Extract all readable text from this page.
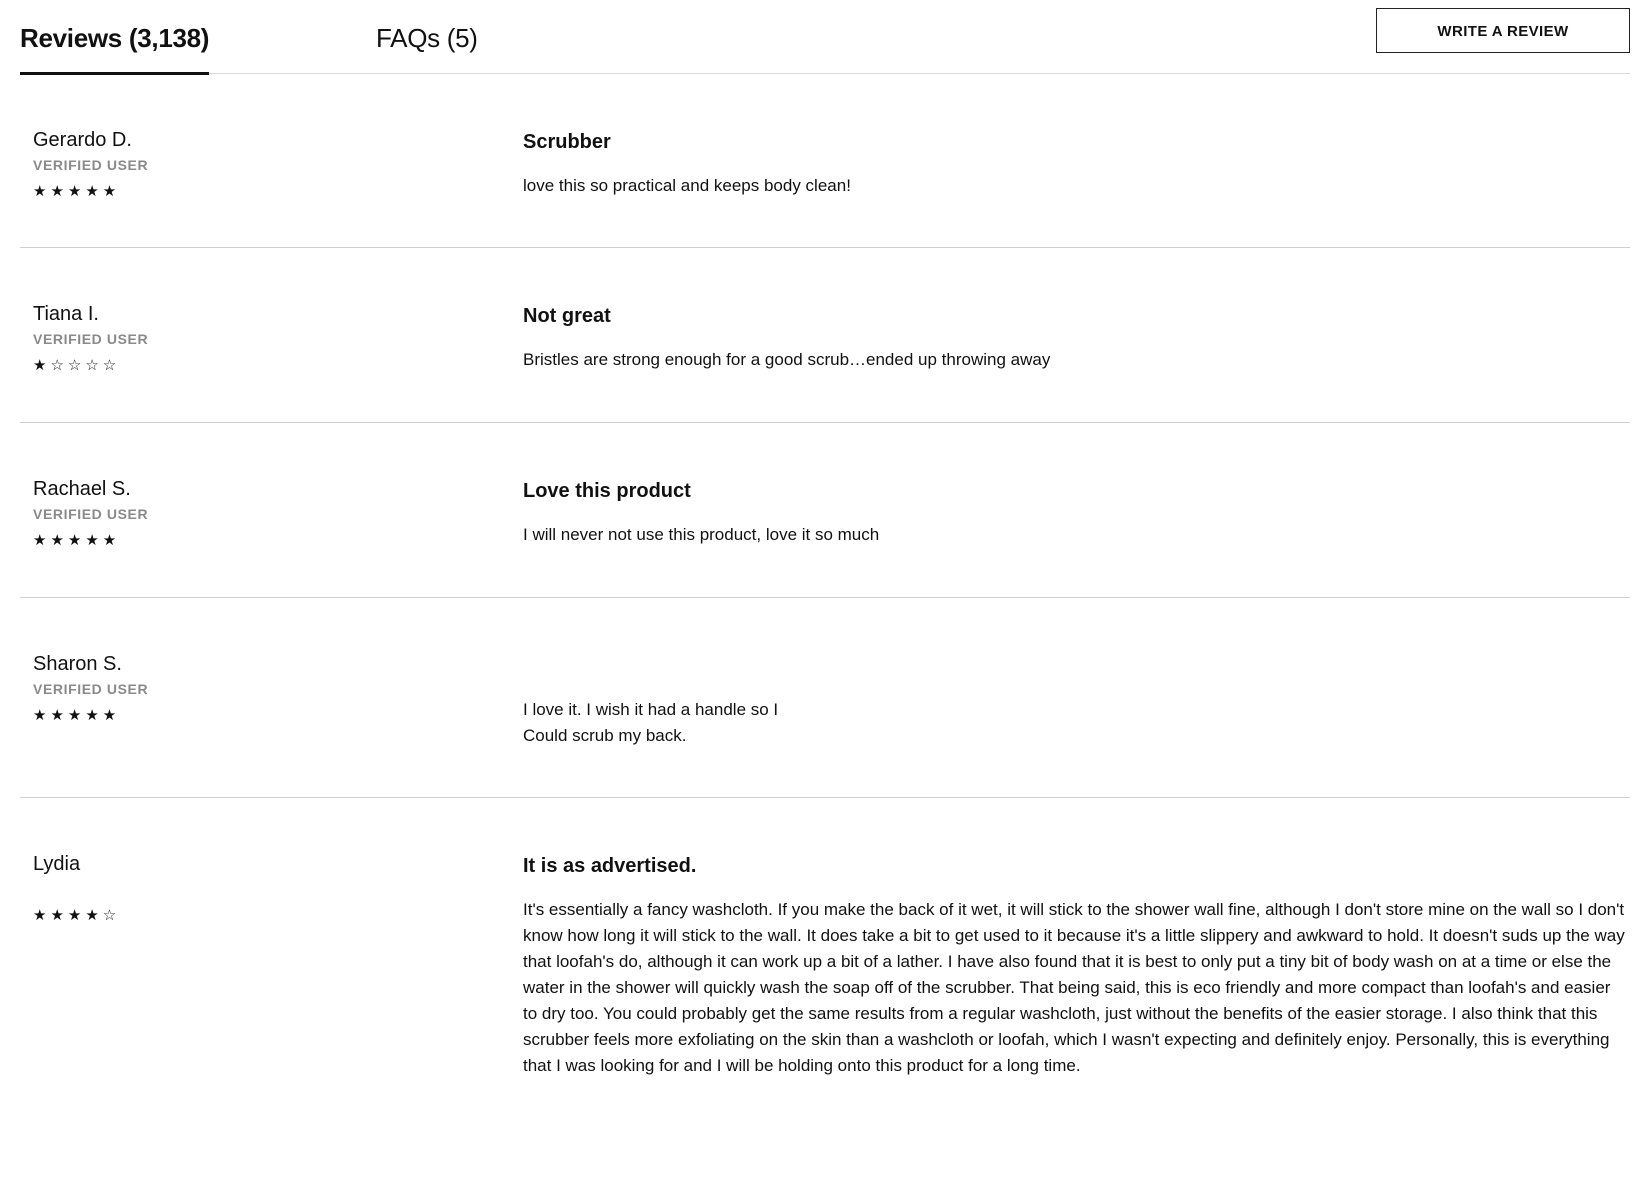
Reviews (3,138)	FAQs (5)	WRITE A REVIEW
Gerardo D.
VERIFIED USER
★★★★★
Scrubber
love this so practical and keeps body clean!
Tiana I.
VERIFIED USER
★☆☆☆☆
Not great
Bristles are strong enough for a good scrub…ended up throwing away
Rachael S.
VERIFIED USER
★★★★★
Love this product
I will never not use this product, love it so much
Sharon S.
VERIFIED USER
★★★★★	I love it. I wish it had a handle so I
Could scrub my back.
Lydia
★★★★☆
It is as advertised.
It's essentially a fancy washcloth. If you make the back of it wet, it will stick to the shower wall fine, although I don't store mine on the wall so I don't know how long it will stick to the wall. It does take a bit to get used to it because it's a little slippery and awkward to hold. It doesn't suds up the way that loofah's do, although it can work up a bit of a lather. I have also found that it is best to only put a tiny bit of body wash on at a time or else the water in the shower will quickly wash the soap off of the scrubber. That being said, this is eco friendly and more compact than loofah's and easier to dry too. You could probably get the same results from a regular washcloth, just without the benefits of the easier storage. I also think that this scrubber feels more exfoliating on the skin than a washcloth or loofah, which I wasn't expecting and definitely enjoy. Personally, this is everything that I was looking for and I will be holding onto this product for a long time.
